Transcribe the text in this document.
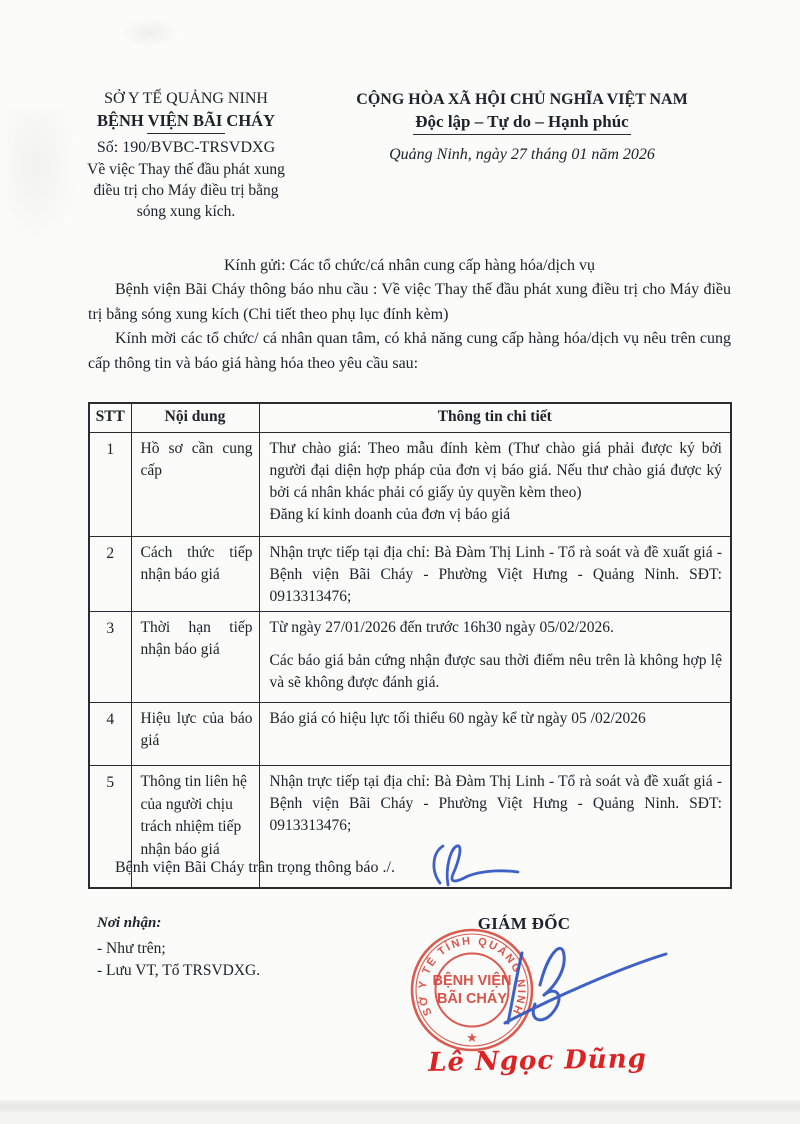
SỞ Y TẾ QUẢNG NINH
BỆNH VIỆN BÃI CHÁY
Số: 190/BVBC-TRSVDXG
Về việc Thay thế đầu phát xung điều trị cho Máy điều trị bằng sóng xung kích.
CỘNG HÒA XÃ HỘI CHỦ NGHĨA VIỆT NAM
Độc lập – Tự do – Hạnh phúc
Quảng Ninh, ngày 27 tháng 01 năm 2026
Kính gửi: Các tổ chức/cá nhân cung cấp hàng hóa/dịch vụ

Bệnh viện Bãi Cháy thông báo nhu cầu : Về việc Thay thế đầu phát xung điều trị cho Máy điều trị bằng sóng xung kích (Chi tiết theo phụ lục đính kèm)

Kính mời các tổ chức/ cá nhân quan tâm, có khả năng cung cấp hàng hóa/dịch vụ nêu trên cung cấp thông tin và báo giá hàng hóa theo yêu cầu sau:

STT	Nội dung	Thông tin chi tiết
1	Hồ sơ cần cung cấp	Thư chào giá: Theo mẫu đính kèm (Thư chào giá phải được ký bởi người đại diện hợp pháp của đơn vị báo giá. Nếu thư chào giá được ký bởi cá nhân khác phải có giấy ủy quyền kèm theo)

Đăng kí kinh doanh của đơn vị báo giá

2	Cách thức tiếp nhận báo giá	Nhận trực tiếp tại địa chỉ: Bà Đàm Thị Linh - Tổ rà soát và đề xuất giá - Bệnh viện Bãi Cháy - Phường Việt Hưng - Quảng Ninh. SĐT: 0913313476;

3	Thời hạn tiếp nhận báo giá	Từ ngày 27/01/2026 đến trước 16h30 ngày 05/02/2026.

Các báo giá bản cứng nhận được sau thời điểm nêu trên là không hợp lệ và sẽ không được đánh giá.

4	Hiệu lực của báo giá	Báo giá có hiệu lực tối thiểu 60 ngày kể từ ngày 05 /02/2026

5	Thông tin liên hệ của người chịu trách nhiệm tiếp nhận báo giá	Nhận trực tiếp tại địa chỉ: Bà Đàm Thị Linh - Tổ rà soát và đề xuất giá - Bệnh viện Bãi Cháy - Phường Việt Hưng - Quảng Ninh. SĐT: 0913313476;

Bệnh viện Bãi Cháy trân trọng thông báo ./.
Nơi nhận:
- Như trên;
- Lưu VT, Tổ TRSVDXG.
GIÁM ĐỐC
SỞ Y TẾ TỈNH QUẢNG NINH
★
BỆNH VIỆN
BÃI CHÁY
Lê Ngọc Dũng
